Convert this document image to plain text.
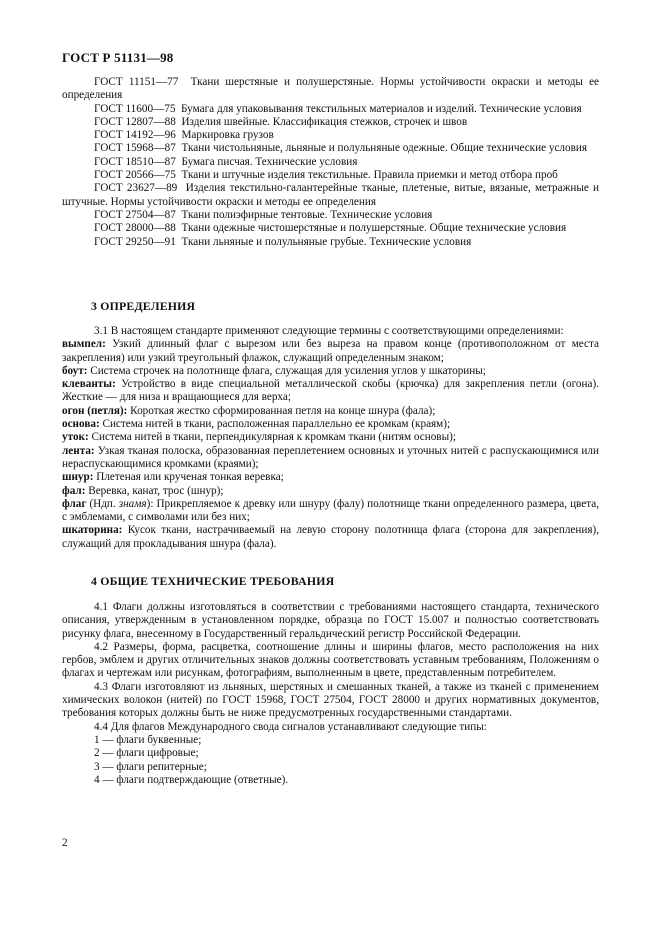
ГОСТ Р 51131—98

ГОСТ 11151—77 Ткани шерстяные и полушерстяные. Нормы устойчивости окраски и методы ее определения

ГОСТ 11600—75 Бумага для упаковывания текстильных материалов и изделий. Технические условия

ГОСТ 12807—88 Изделия швейные. Классификация стежков, строчек и швов

ГОСТ 14192—96 Маркировка грузов

ГОСТ 15968—87 Ткани чистольняные, льняные и полульняные одежные. Общие технические условия

ГОСТ 18510—87 Бумага писчая. Технические условия

ГОСТ 20566—75 Ткани и штучные изделия текстильные. Правила приемки и метод отбора проб

ГОСТ 23627—89 Изделия текстильно-галантерейные тканые, плетеные, витые, вязаные, метражные и штучные. Нормы устойчивости окраски и методы ее определения

ГОСТ 27504—87 Ткани полиэфирные тентовые. Технические условия

ГОСТ 28000—88 Ткани одежные чистошерстяные и полушерстяные. Общие технические условия

ГОСТ 29250—91 Ткани льняные и полульняные грубые. Технические условия

3 ОПРЕДЕЛЕНИЯ

3.1 В настоящем стандарте применяют следующие термины с соответствующими определениями:

вымпел: Узкий длинный флаг с вырезом или без выреза на правом конце (противоположном от места закрепления) или узкий треугольный флажок, служащий определенным знаком;

боут: Система строчек на полотнище флага, служащая для усиления углов у шкаторины;

клеванты: Устройство в виде специальной металлической скобы (крючка) для закрепления петли (огона). Жесткие — для низа и вращающиеся для верха;

огон (петля): Короткая жестко сформированная петля на конце шнура (фала);

основа: Система нитей в ткани, расположенная параллельно ее кромкам (краям);

уток: Система нитей в ткани, перпендикулярная к кромкам ткани (нитям основы);

лента: Узкая тканая полоска, образованная переплетением основных и уточных нитей с распускающимися или нераспускающимися кромками (краями);

шнур: Плетеная или крученая тонкая веревка;

фал: Веревка, канат, трос (шнур);

флаг (Ндп. знамя): Прикрепляемое к древку или шнуру (фалу) полотнище ткани определенного размера, цвета, с эмблемами, с символами или без них;

шкаторина: Кусок ткани, настрачиваемый на левую сторону полотнища флага (сторона для закрепления), служащий для прокладывания шнура (фала).

4 ОБЩИЕ ТЕХНИЧЕСКИЕ ТРЕБОВАНИЯ

4.1 Флаги должны изготовляться в соответствии с требованиями настоящего стандарта, технического описания, утвержденным в установленном порядке, образца по ГОСТ 15.007 и полностью соответствовать рисунку флага, внесенному в Государственный геральдический регистр Российской Федерации.

4.2 Размеры, форма, расцветка, соотношение длины и ширины флагов, место расположения на них гербов, эмблем и других отличительных знаков должны соответствовать уставным требованиям, Положениям о флагах и чертежам или рисункам, фотографиям, выполненным в цвете, представленным потребителем.

4.3 Флаги изготовляют из льняных, шерстяных и смешанных тканей, а также из тканей с применением химических волокон (нитей) по ГОСТ 15968, ГОСТ 27504, ГОСТ 28000 и других нормативных документов, требования которых должны быть не ниже предусмотренных государственными стандартами.

4.4 Для флагов Международного свода сигналов устанавливают следующие типы:

1 — флаги буквенные;

2 — флаги цифровые;

3 — флаги репитерные;

4 — флаги подтверждающие (ответные).

2
